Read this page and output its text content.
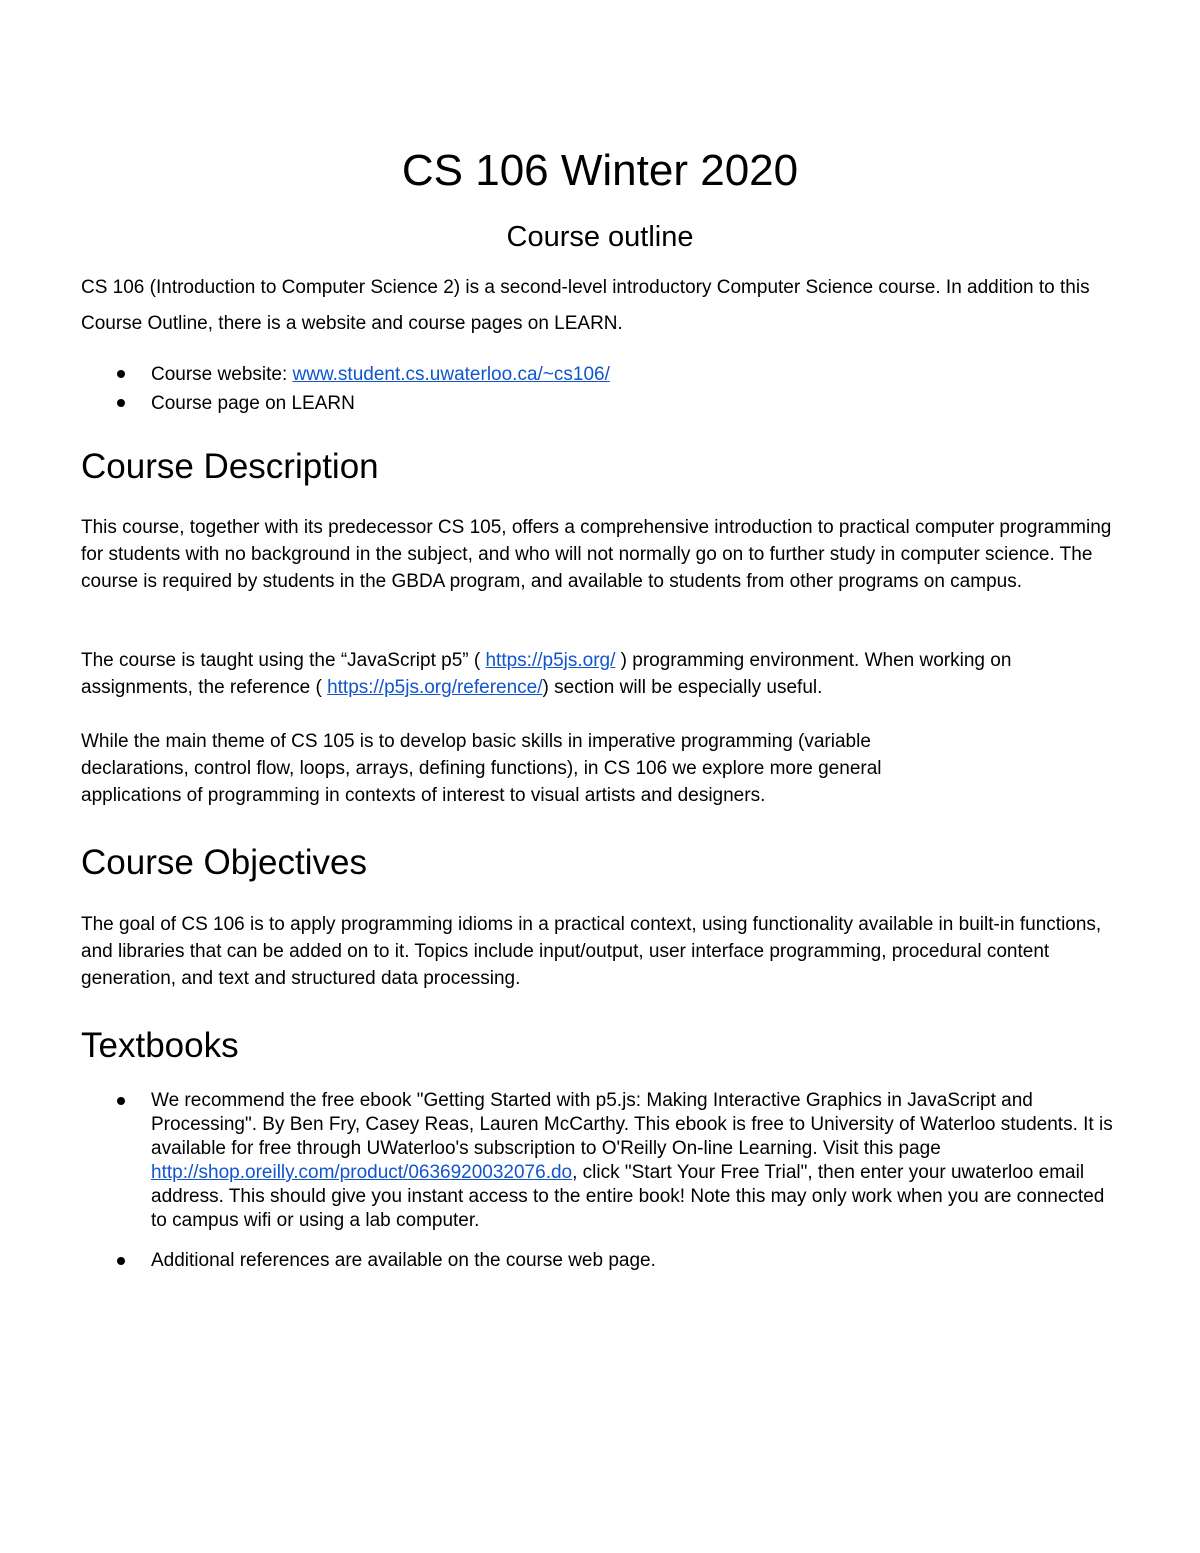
CS 106 Winter 2020
Course outline

CS 106 (Introduction to Computer Science 2) is a second-level introductory Computer Science course. In addition to this Course Outline, there is a website and course pages on LEARN.

Course website: www.student.cs.uwaterloo.ca/~cs106/
Course page on LEARN
Course Description

This course, together with its predecessor CS 105, offers a comprehensive introduction to practical computer programming for students with no background in the subject, and who will not normally go on to further study in computer science. The course is required by students in the GBDA program, and available to students from other programs on campus.

The course is taught using the “JavaScript p5” ( https://p5js.org/ ) programming environment. When working on assignments, the reference ( https://p5js.org/reference/) section will be especially useful.

While the main theme of CS 105 is to develop basic skills in imperative programming (variable
declarations, control flow, loops, arrays, defining functions), in CS 106 we explore more general
applications of programming in contexts of interest to visual artists and designers.

Course Objectives

The goal of CS 106 is to apply programming idioms in a practical context, using functionality available in built-in functions, and libraries that can be added on to it. Topics include input/output, user interface programming, procedural content generation, and text and structured data processing.

Textbooks
We recommend the free ebook "Getting Started with p5.js: Making Interactive Graphics in JavaScript and Processing". By Ben Fry, Casey Reas, Lauren McCarthy. This ebook is free to University of Waterloo students. It is available for free through UWaterloo's subscription to O'Reilly On-line Learning. Visit this page http://shop.oreilly.com/product/0636920032076.do, click "Start Your Free Trial", then enter your uwaterloo email address. This should give you instant access to the entire book! Note this may only work when you are connected to campus wifi or using a lab computer.
Additional references are available on the course web page.
